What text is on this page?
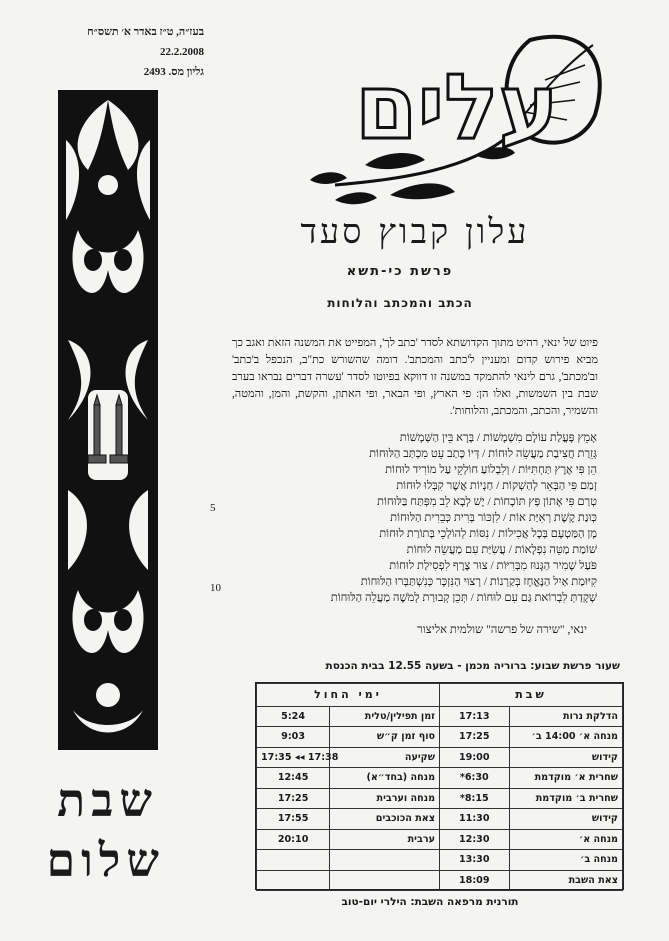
בעז״ה, ט״ז באדר א׳ תשס״ח
22.2.2008
גליון מס. 2493
שבת
שלום
עלים
עלון קבוץ סעד
פרשת כי-תשא
הכתב והמכתב והלוחות
פיוט של ינאי, רהיט מתוך הקדושתא לסדר 'כתב לך', המפייט את המשנה הזאת ואגב כך מביא פירוש קדום ומעניין ל'כתב והמכתב'. דומה שהשורש כת"ב, הנכפל ב'כתב' וב'מכתב', גרם לינאי להתמקד במשנה זו דווקא בפיוטו לסדר 'עשרה דברים נבראו בערב שבת בין השמשות, ואלו הן: פי הארץ, ופי הבאר, ופי האתון, והקשת, והמן, והמטה, והשמיר, והכתב, והמכתב, והלוחות'.
אָמֵץ פָּעֳלַת עוֹלָם מִשְׁמָשׁוֹת / בָּרָא בֵּין הַשְּׁמָשׁוֹת
גְּזֵרַת חֲצִיבַת מַעֲשֵׂה לוּחוֹת / דְּיוֹ כָּתַב עֵט מִכְתַּב הַלּוּחוֹת
הֵן פִּי אֶרֶץ תַּחְתִּיּוֹת / וְלִבְלוֹעַ חוֹלְקֵי עַל מוֹרִיד לוּחוֹת
זְמַם פִּי הַבְּאֵר לְהַשְׁקוֹת / חַנְיוֹת אֲשֶׁר קִבְּלוּ לוּחוֹת
טְרַם פִּי אָתוֹן פְּץ תּוֹכָחוֹת / יֶשׁ לְבָא לֵב מִפְּתַּח בַּלּוּחוֹת
כְּוּנַת קֶשֶׁת רְאִיַּת אוֹת / לִזְכּוֹר בְּרִית כְּבֵרִית הַלּוּחוֹת
מָן הַמַּטְעָם בְּכָל אֲכִילוֹת / נִסּוֹת לְהוֹלְכֵי בְּתוֹרַת לוּחוֹת
שׁוֹמַת מַטֵּה נִפְלָאוֹת / עֲשִׂיַּת עִם מַעֲשֵׂה לוּחוֹת
פֹּעַל שָׁמִיר הַגָּנוּז מִבְּרִיּוֹת / צוּר צֶרֶף לִפְסִילַת לוּחוֹת
קִיּוּמַת אַיִל הַנֶּאֱחָז בְּקַרְנוֹת / רְצוּי הַנִּזְכָּר כְּנִשְׁתַּבְּרוּ הַלּוּחוֹת
שְׁקָדַתְּ לִבְרוֹאת גַּם עִם לוּחוֹת / תְּכֵן קְבוּרַת לְמֹשֶׁה מַעֲלֵה הַלּוּחוֹת
5
10
ינאי, "שירה של פרשה" שולמית אליצור
שעור פרשת שבוע: ברוריה מכמן - בשעה 12.55 בבית הכנסת
שבת		ימי החול	
הדלקת נרות	17:13	זמן תפילין/טלית	5:24
מנחה א׳ 14:00 ב׳	17:25	סוף זמן ק״ש	9:03
קידוש	19:00	שקיעה	17:35 ◂◂ 17:38
שחרית א׳ מוקדמת	*6:30	מנחה (בחד״א)	12:45
שחרית ב׳ מוקדמת	*8:15	מנחה וערבית	17:25
קידוש	11:30	צאת הכוכבים	17:55
מנחה א׳	12:30	ערבית	20:10
מנחה ב׳	13:30		
צאת השבת	18:09		
תורנית מרפאה השבת: הילרי יום-טוב
